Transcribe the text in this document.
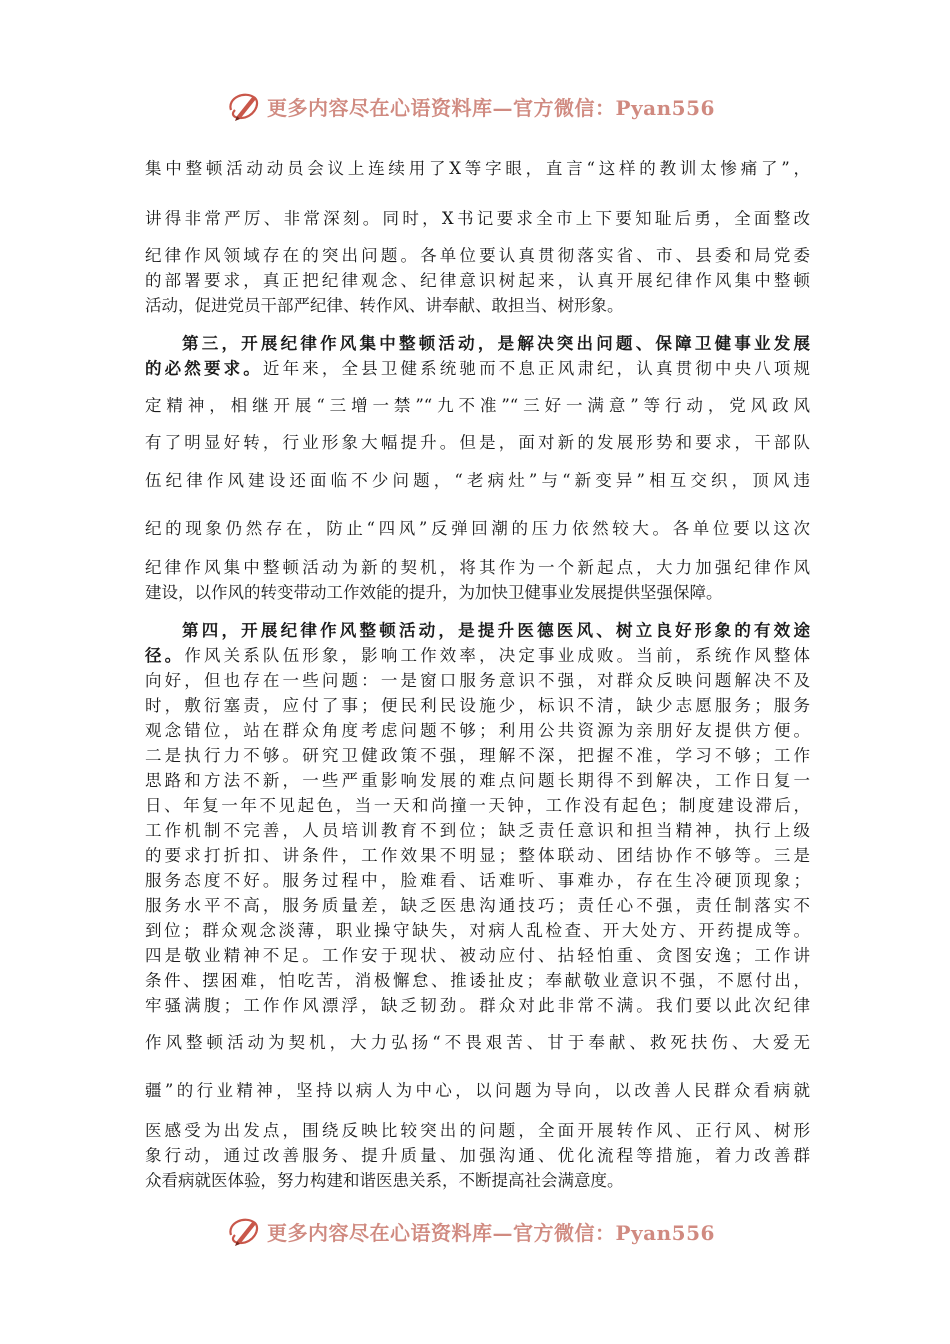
更多内容尽在心语资料库—官方微信：Pyan556
集中整顿活动动员会议上连续用了X等字眼，直言“这样的教训太惨痛了”，
讲得非常严厉、非常深刻。同时，X书记要求全市上下要知耻后勇，全面整改
纪律作风领域存在的突出问题。各单位要认真贯彻落实省、市、县委和局党委
的部署要求，真正把纪律观念、纪律意识树起来，认真开展纪律作风集中整顿
活动，促进党员干部严纪律、转作风、讲奉献、敢担当、树形象。
第三，开展纪律作风集中整顿活动，是解决突出问题、保障卫健事业发展
的必然要求。近年来，全县卫健系统驰而不息正风肃纪，认真贯彻中央八项规
定精神，相继开展“三增一禁”“九不准”“三好一满意”等行动，党风政风
有了明显好转，行业形象大幅提升。但是，面对新的发展形势和要求，干部队
伍纪律作风建设还面临不少问题，“老病灶”与“新变异”相互交织，顶风违
纪的现象仍然存在，防止“四风”反弹回潮的压力依然较大。各单位要以这次
纪律作风集中整顿活动为新的契机，将其作为一个新起点，大力加强纪律作风
建设，以作风的转变带动工作效能的提升，为加快卫健事业发展提供坚强保障。
第四，开展纪律作风整顿活动，是提升医德医风、树立良好形象的有效途
径。作风关系队伍形象，影响工作效率，决定事业成败。当前，系统作风整体
向好，但也存在一些问题：一是窗口服务意识不强，对群众反映问题解决不及
时，敷衍塞责，应付了事；便民利民设施少，标识不清，缺少志愿服务；服务
观念错位，站在群众角度考虑问题不够；利用公共资源为亲朋好友提供方便。
二是执行力不够。研究卫健政策不强，理解不深，把握不准，学习不够；工作
思路和方法不新，一些严重影响发展的难点问题长期得不到解决，工作日复一
日、年复一年不见起色，当一天和尚撞一天钟，工作没有起色；制度建设滞后，
工作机制不完善，人员培训教育不到位；缺乏责任意识和担当精神，执行上级
的要求打折扣、讲条件，工作效果不明显；整体联动、团结协作不够等。三是
服务态度不好。服务过程中，脸难看、话难听、事难办，存在生冷硬顶现象；
服务水平不高，服务质量差，缺乏医患沟通技巧；责任心不强，责任制落实不
到位；群众观念淡薄，职业操守缺失，对病人乱检查、开大处方、开药提成等。
四是敬业精神不足。工作安于现状、被动应付、拈轻怕重、贪图安逸；工作讲
条件、摆困难，怕吃苦，消极懈怠、推诿扯皮；奉献敬业意识不强，不愿付出，
牢骚满腹；工作作风漂浮，缺乏韧劲。群众对此非常不满。我们要以此次纪律
作风整顿活动为契机，大力弘扬“不畏艰苦、甘于奉献、救死扶伤、大爱无
疆”的行业精神，坚持以病人为中心，以问题为导向，以改善人民群众看病就
医感受为出发点，围绕反映比较突出的问题，全面开展转作风、正行风、树形
象行动，通过改善服务、提升质量、加强沟通、优化流程等措施，着力改善群
众看病就医体验，努力构建和谐医患关系，不断提高社会满意度。
更多内容尽在心语资料库—官方微信：Pyan556
